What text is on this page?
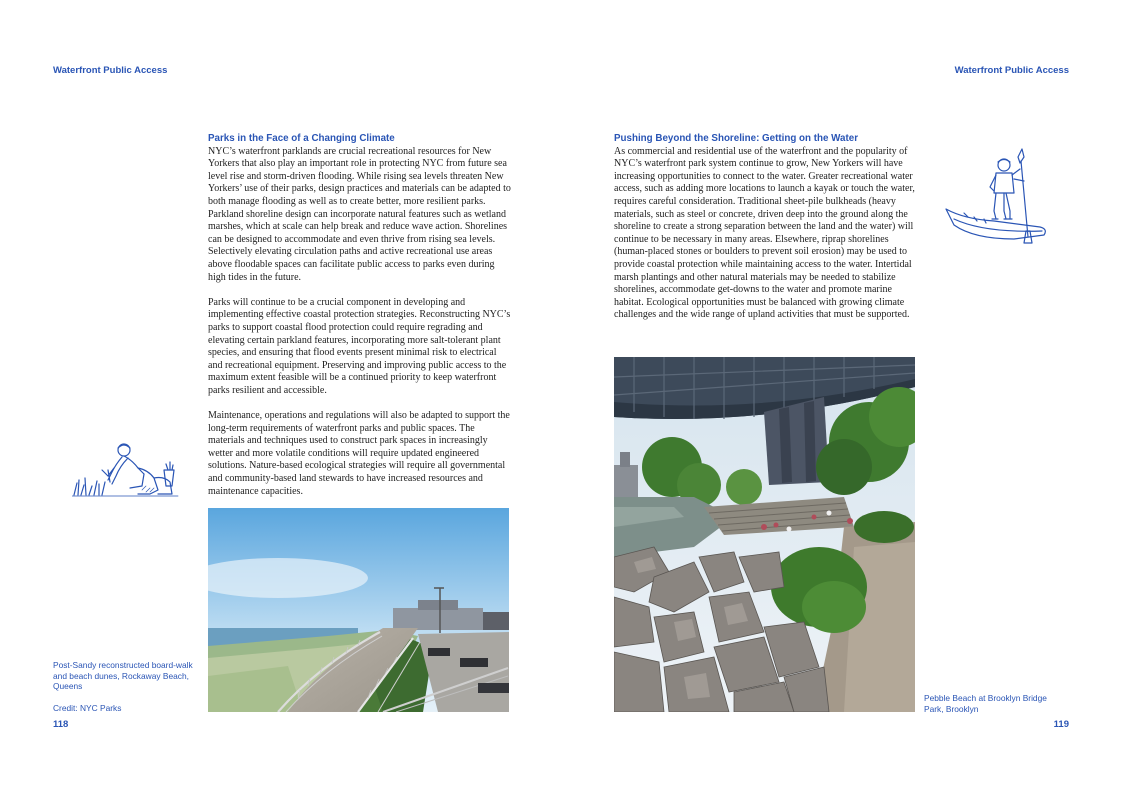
Waterfront Public Access	Waterfront Public Access
Parks in the Face of a Changing Climate

NYC’s waterfront parklands are crucial recreational resources for New Yorkers that also play an important role in protecting NYC from future sea level rise and storm-driven flooding. While rising sea levels threaten New Yorkers’ use of their parks, design practices and materials can be adapted to both manage flooding as well as to create better, more resilient parks. Parkland shoreline design can incorporate natural features such as wetland marshes, which at scale can help break and reduce wave action. Shorelines can be designed to accommodate and even thrive from rising sea levels. Selectively elevating circulation paths and active recreational use areas above floodable spaces can facilitate public access to parks even during high tides in the future.

Parks will continue to be a crucial component in developing and implementing effective coastal protection strategies. Reconstructing NYC’s parks to support coastal flood protection could require regrading and elevating certain parkland features, incorporating more salt-tolerant plant species, and ensuring that flood events present minimal risk to electrical and recreational equipment. Preserving and improving public access to the maximum extent feasible will be a continued priority to keep waterfront parks resilient and accessible.

Maintenance, operations and regulations will also be adapted to support the long-term requirements of waterfront parks and public spaces. The materials and techniques used to construct park spaces in increasingly wetter and more volatile conditions will require updated engineered solutions. Nature-based ecological strategies will require all governmental and community-based land stewards to have increased resources and maintenance capacities.

Post-Sandy reconstructed board-walk and beach dunes, Rockaway Beach, Queens
Credit: NYC Parks
118	119
Pushing Beyond the Shoreline: Getting on the Water

As commercial and residential use of the waterfront and the popularity of NYC’s waterfront park system continue to grow, New Yorkers will have increasing opportunities to connect to the water. Greater recreational water access, such as adding more locations to launch a kayak or touch the water, requires careful consideration. Traditional sheet-pile bulkheads (heavy materials, such as steel or concrete, driven deep into the ground along the shoreline to create a strong separation between the land and the water) will continue to be necessary in many areas. Elsewhere, riprap shorelines (human-placed stones or boulders to prevent soil erosion) may be used to provide coastal protection while maintaining access to the water. Intertidal marsh plantings and other natural materials may be needed to stabilize shorelines, accommodate get-downs to the water and promote marine habitat. Ecological opportunities must be balanced with growing climate challenges and the wide range of upland activities that must be supported.

Pebble Beach at Brooklyn Bridge Park, Brooklyn
